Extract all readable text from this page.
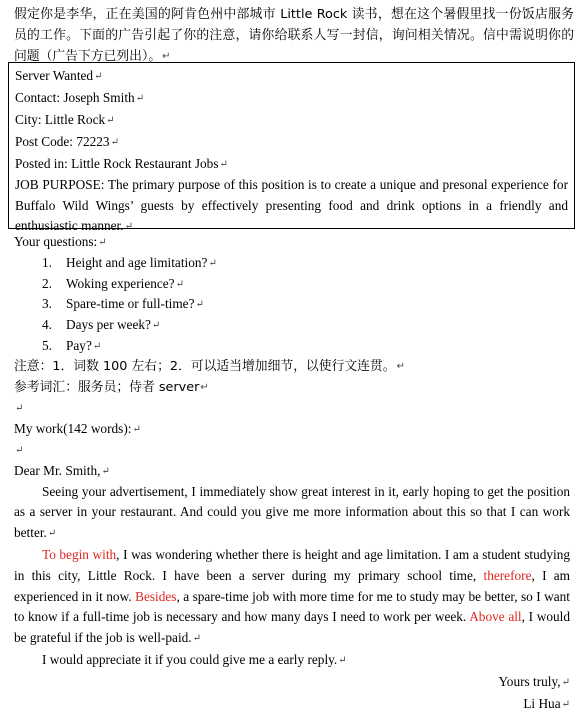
假定你是李华，正在美国的阿肯色州中部城市 Little Rock 读书，想在这个暑假里找一份饭店服务员的工作。下面的广告引起了你的注意，请你给联系人写一封信，询问相关情况。信中需说明你的问题（广告下方已列出）。↵
Server Wanted↵
Contact: Joseph Smith↵
City: Little Rock↵
Post Code: 72223↵
Posted in: Little Rock Restaurant Jobs↵
JOB PURPOSE: The primary purpose of this position is to create a unique and presonal experience for Buffalo Wild Wings’ guests by effectively presenting food and drink options in a friendly and enthusiastic manner.↵
Your questions:↵
1. Height and age limitation?↵
2. Woking experience?↵
3. Spare-time or full-time?↵
4. Days per week?↵
5. Pay?↵
注意：1．词数 100 左右；2．可以适当增加细节，以使行文连贯。↵
参考词汇：服务员；侍者 server↵
↵
My work(142 words):↵
↵
Dear Mr. Smith,↵

Seeing your advertisement, I immediately show great interest in it, early hoping to get the position as a server in your restaurant. And could you give me more information about this so that I can work better.↵

To begin with, I was wondering whether there is height and age limitation. I am a student studying in this city, Little Rock. I have been a server during my primary school time, therefore, I am experienced in it now. Besides, a spare-time job with more time for me to study may be better, so I want to know if a full-time job is necessary and how many days I need to work per week. Above all, I would be grateful if the job is well-paid.↵

I would appreciate it if you could give me a early reply.↵

Yours truly,↵
Li Hua↵
